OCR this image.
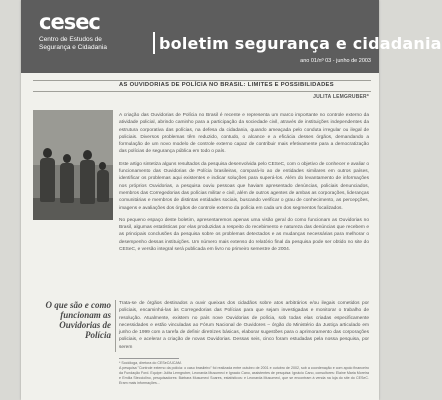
cesec
Centro de Estudos de
Segurança e Cidadania	boletim segurança e cidadania
ano 01/nº 03 - junho de 2003
AS OUVIDORIAS DE POLÍCIA NO BRASIL: LIMITES E POSSIBILIDADES
JULITA LEMGRUBER*

A criação das Ouvidorias de Polícia no Brasil é recente e representa um marco importante no controle externo da atividade policial, abrindo caminho para a participação da sociedade civil, através de instituições independentes da estrutura corporativa das polícias, na defesa da cidadania, quando ameaçada pelo conduta irregular ou ilegal de policiais. Diversos problemas têm reduzido, contudo, o alcance e a eficácia desses órgãos, demandando a formulação de um novo modelo de controle externo capaz de contribuir mais efetivamente para a democratização das polícias de segurança pública em todo o país.

Este artigo sintetiza alguns resultados da pesquisa desenvolvida pelo CESeC, com o objetivo de conhecer e avaliar o funcionamento das Ouvidorias de Polícia brasileiras, compará-lo ao de entidades similares em outros países, identificar os problemas aqui existentes e indicar soluções para superá-los. Além do levantamento de informações nos próprios Ouvidorias, a pesquisa ouviu pessoas que haviam apresentado denúncias, policiais denunciados, membros das Corregedorias das polícias militar e civil, além de outros agentes de ambas as corporações, lideranças comunitárias e membros de distintas entidades sociais, buscando verificar o grau de conhecimento, as percepções, imagens e avaliações dos órgãos de controle externo da polícia em cada um dos segmentos focalizados.

No pequeno espaço deste boletim, apresentaremos apenas uma visão geral do como funcionam as Ouvidorias no Brasil, algumas estatísticas por elas produzidas a respeito do recebimento e natureza das denúncias que recebem e as principais conclusões da pesquisa sobre os problemas detectados e as mudanças necessárias para melhorar o desempenho dessas instituições. Um número mais extenso do relatório final da pesquisa pode ser obtido no site do CESeC, e versão integral será publicada em livro no primeiro semestre de 2004.

O que são e como funcionam as Ouvidorias de Polícia

Trata-se de órgãos destinados a ouvir queixas dos cidadãos sobre atos arbitrários e/ou ilegais cometidos por policiais, encaminhá-las às Corregedorias das Polícias para que sejam investigadas e monitorar o trabalho de resolução. Atualmente, existem no país nove Ouvidorias de polícia, sob todas elas criadas especificamente necessidades e estão vinculadas ao Fórum Nacional de Ouvidores – órgão do Ministério da Justiça articulado em junho de 1999 com a tarefa de definir diretrizes básicas, elaborar sugestões para o aprimoramento das corporações policiais, e acelerar a criação de novas Ouvidorias. Dessas seis, cinco foram estudadas pela nossa pesquisa, por serem

* Socióloga, diretora do CESeC/UCAM.

A pesquisa "Controle externo da polícia: o caso brasileiro" foi realizada entre outubro de 2001 e outubro de 2002, sob a coordenação e com apoio financeiro da Fundação Ford. Equipe: Julita Lemgruber, Leonarda Musumeci e Ignacio Cano, assistentes de pesquisa: Ignácio Cano, consultores: Elaine Maria Moreira e Emília Stecciolino, pesquisadores: Bárbara Musumeci Soares, estatísticos: e Leonarda Musumeci, que se encontram à venda na loja do site do CESeC. Eram mais informações...
